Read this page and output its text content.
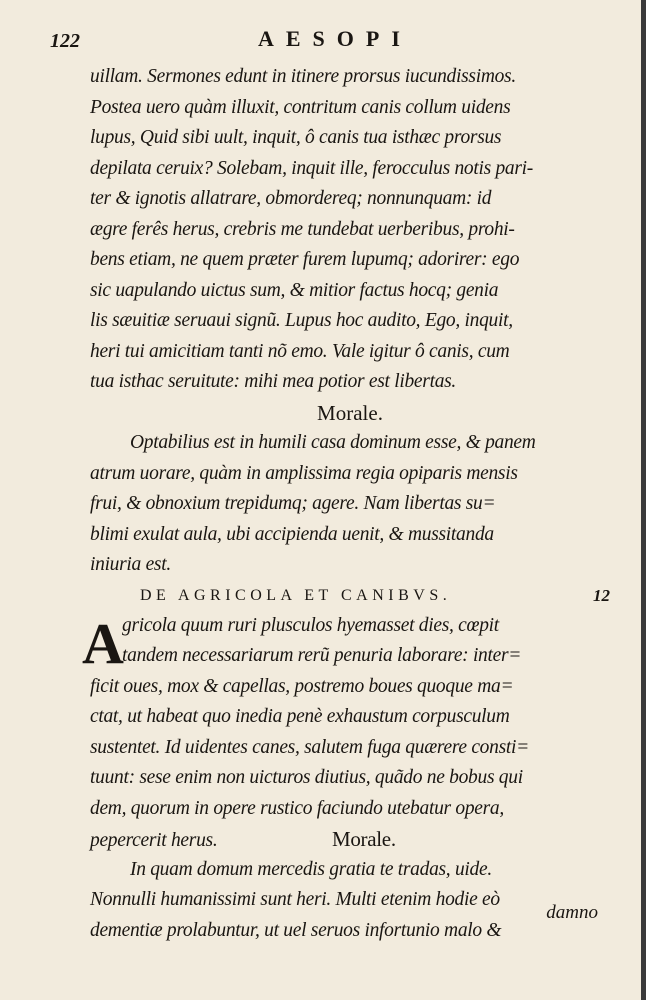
122	AESOPI
uillam. Sermones edunt in itinere prorsus iucundissimos.
Postea uero quàm illuxit, contritum canis collum uidens
lupus, Quid sibi uult, inquit, ô canis tua isthæc prorsus
depilata ceruix? Solebam, inquit ille, ferocculus notis pari-
ter & ignotis allatrare, obmordereq; nonnunquam: id
ægre ferês herus, crebris me tundebat uerberibus, prohi-
bens etiam, ne quem præter furem lupumq; adorirer: ego
sic uapulando uictus sum, & mitior factus hocq; genia
lis sæuitiæ seruaui signũ. Lupus hoc audito, Ego, inquit,
heri tui amicitiam tanti nõ emo. Vale igitur ô canis, cum
tua isthac seruitute: mihi mea potior est libertas.
Morale.
Optabilius est in humili casa dominum esse, & panem
atrum uorare, quàm in amplissima regia opiparis mensis
frui, & obnoxium trepidumq; agere. Nam libertas su=
blimi exulat aula, ubi accipienda uenit, & mussitanda
iniuria est.
DE AGRICOLA ET CANIBVS.	12
A
gricola quum ruri plusculos hyemasset dies, cœpit
tandem necessariarum rerũ penuria laborare: inter=
ficit oues, mox & capellas, postremo boues quoque ma=
ctat, ut habeat quo inedia penè exhaustum corpusculum
sustentet. Id uidentes canes, salutem fuga quærere consti=
tuunt: sese enim non uicturos diutius, quãdo ne bobus qui
dem, quorum in opere rustico faciundo utebatur opera,
pepercerit herus.	Morale.
In quam domum mercedis gratia te tradas, uide.
Nonnulli humanissimi sunt heri. Multi etenim hodie eò
dementiæ prolabuntur, ut uel seruos infortunio malo &
damno
